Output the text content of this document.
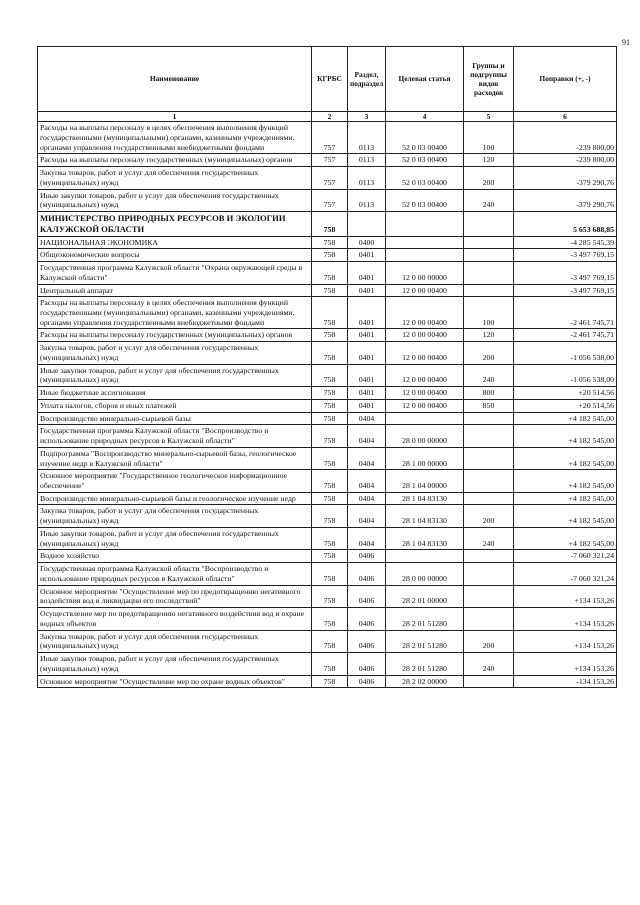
91
Наименование	КГРБС	Раздел, подраздел	Целевая статья	Группы и подгруппы видов расходов	Поправки (+, -)
1	2	3	4	5	6
Расходы на выплаты персоналу в целях обеспечения выполнения функций государственными (муниципальными) органами, казенными учреждениями, органами управления государственными внебюджетными фондами	757	0113	52 0 03 00400	100	-239 800,00
Расходы на выплаты персоналу государственных (муниципальных) органов	757	0113	52 0 03 00400	120	-239 800,00
Закупка товаров, работ и услуг для обеспечения государственных (муниципальных) нужд	757	0113	52 0 03 00400	200	-379 290,76
Иные закупки товаров, работ и услуг для обеспечения государственных (муниципальных) нужд	757	0113	52 0 03 00400	240	-379 290,76
МИНИСТЕРСТВО ПРИРОДНЫХ РЕСУРСОВ И ЭКОЛОГИИ КАЛУЖСКОЙ ОБЛАСТИ	758				5 653 688,85
НАЦИОНАЛЬНАЯ ЭКОНОМИКА	758	0400			-4 285 545,39
Общеэкономические вопросы	758	0401			-3 497 769,15
Государственная программа Калужской области "Охрана окружающей среды в Калужской области"	758	0401	12 0 00 00000		-3 497 769,15
Центральный аппарат	758	0401	12 0 00 00400		-3 497 769,15
Расходы на выплаты персоналу в целях обеспечения выполнения функций государственными (муниципальными) органами, казенными учреждениями, органами управления государственными внебюджетными фондами	758	0401	12 0 00 00400	100	-2 461 745,71
Расходы на выплаты персоналу государственных (муниципальных) органов	758	0401	12 0 00 00400	120	-2 461 745,71
Закупка товаров, работ и услуг для обеспечения государственных (муниципальных) нужд	758	0401	12 0 00 00400	200	-1 056 538,00
Иные закупки товаров, работ и услуг для обеспечения государственных (муниципальных) нужд	758	0401	12 0 00 00400	240	-1 056 538,00
Иные бюджетные ассигнования	758	0401	12 0 00 00400	800	+20 514,56
Уплата налогов, сборов и иных платежей	758	0401	12 0 00 00400	850	+20 514,56
Воспроизводство минерально-сырьевой базы	758	0404			+4 182 545,00
Государственная программа Калужской области "Воспроизводство и использование природных ресурсов в Калужской области"	758	0404	28 0 00 00000		+4 182 545,00
Подпрограмма "Воспроизводство минерально-сырьевой базы, геологическое изучение недр в Калужской области"	758	0404	28 1 00 00000		+4 182 545,00
Основное мероприятие "Государственное геологическое информационное обеспечение"	758	0404	28 1 04 00000		+4 182 545,00
Воспроизводство минерально-сырьевой базы и геологическое изучение недр	758	0404	28 1 04 83130		+4 182 545,00
Закупка товаров, работ и услуг для обеспечения государственных (муниципальных) нужд	758	0404	28 1 04 83130	200	+4 182 545,00
Иные закупки товаров, работ и услуг для обеспечения государственных (муниципальных) нужд	758	0404	28 1 04 83130	240	+4 182 545,00
Водное хозяйство	758	0406			-7 060 321,24
Государственная программа Калужской области "Воспроизводство и использование природных ресурсов в Калужской области"	758	0406	28 0 00 00000		-7 060 321,24
Основное мероприятие "Осуществление мер по предотвращению негативного воздействия вод и ликвидации его последствий"	758	0406	28 2 01 00000		+134 153,26
Осуществление мер по предотвращению негативного воздействия вод и охране водных объектов	758	0406	28 2 01 51280		+134 153,26
Закупка товаров, работ и услуг для обеспечения государственных (муниципальных) нужд	758	0406	28 2 01 51280	200	+134 153,26
Иные закупки товаров, работ и услуг для обеспечения государственных (муниципальных) нужд	758	0406	28 2 01 51280	240	+134 153,26
Основное мероприятие "Осуществление мер по охране водных объектов"	758	0406	28 2 02 00000		-134 153,26
